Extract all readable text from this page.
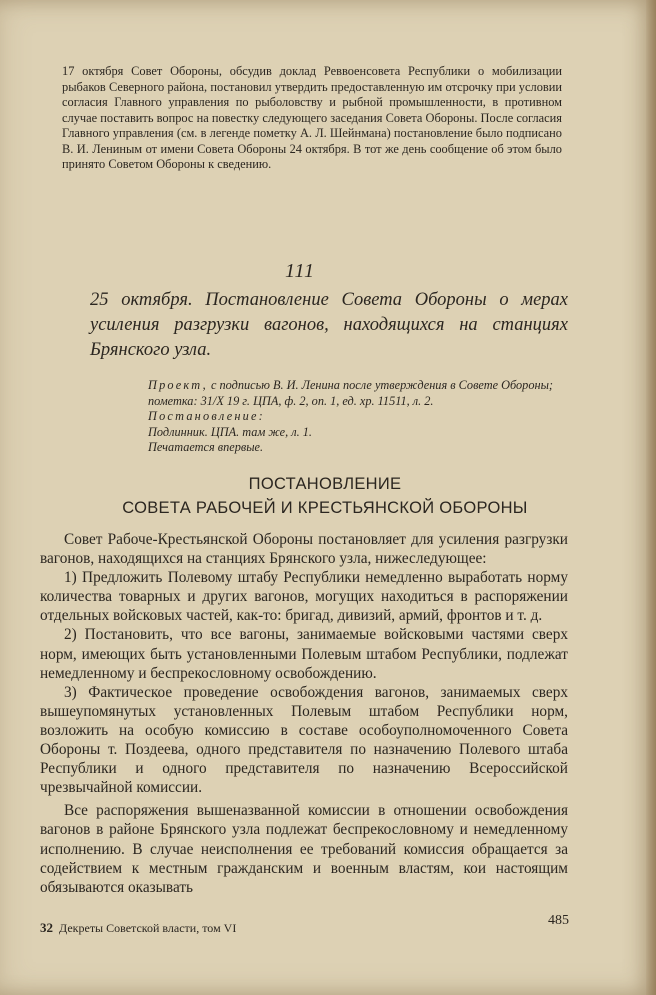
17 октября Совет Обороны, обсудив доклад Реввоенсовета Республики о мобилизации рыбаков Северного района, постановил утвердить предоставленную им отсрочку при условии согласия Главного управления по рыболовству и рыбной промышленности, в противном случае поставить вопрос на повестку следующего заседания Совета Обороны. После согласия Главного управления (см. в легенде пометку А. Л. Шейнмана) постановление было подписано В. И. Лениным от имени Совета Обороны 24 октября. В тот же день сообщение об этом было принято Советом Обороны к сведению.
111
25 октября. Постановление Совета Обороны о мерах усиления разгрузки вагонов, находящихся на станциях Брянского узла.
Проект, с подписью В. И. Ленина после утверждения в Совете Обороны; пометка: 31/X 19 г. ЦПА, ф. 2, оп. 1, ед. хр. 11511, л. 2.
Постановление:
Подлинник. ЦПА. там же, л. 1.
Печатается впервые.
ПОСТАНОВЛЕНИЕ
СОВЕТА РАБОЧЕЙ И КРЕСТЬЯНСКОЙ ОБОРОНЫ

Совет Рабоче-Крестьянской Обороны постановляет для усиления разгрузки вагонов, находящихся на станциях Брянского узла, нижеследующее:

1) Предложить Полевому штабу Республики немедленно выработать норму количества товарных и других вагонов, могущих находиться в распоряжении отдельных войсковых частей, как-то: бригад, дивизий, армий, фронтов и т. д.

2) Постановить, что все вагоны, занимаемые войсковыми частями сверх норм, имеющих быть установленными Полевым штабом Республики, подлежат немедленному и беспрекословному освобождению.

3) Фактическое проведение освобождения вагонов, занимаемых сверх вышеупомянутых установленных Полевым штабом Республики норм, возложить на особую комиссию в составе особоуполномоченного Совета Обороны т. Поздеева, одного представителя по назначению Полевого штаба Республики и одного представителя по назначению Всероссийской чрезвычайной комиссии.

Все распоряжения вышеназванной комиссии в отношении освобождения вагонов в районе Брянского узла подлежат беспрекословному и немедленному исполнению. В случае неисполнения ее требований комиссия обращается за содействием к местным гражданским и военным властям, кои настоящим обязываются оказывать

32 Декреты Советской власти, том VI	485
